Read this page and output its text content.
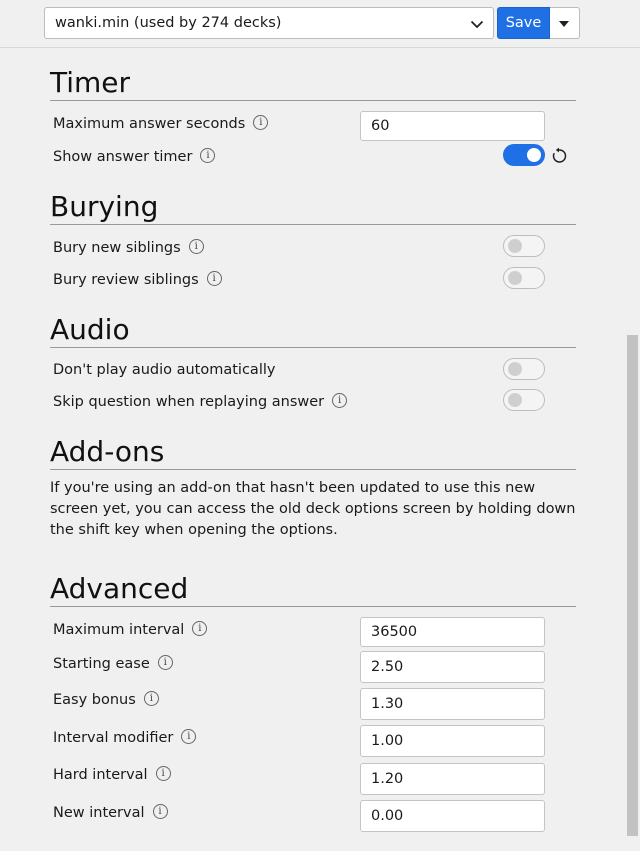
Timer
Maximum answer seconds i	60
Show answer timer i
Burying
Bury new siblings i
Bury review siblings i
Audio
Don't play audio automatically
Skip question when replaying answer i
Add-ons

If you're using an add-on that hasn't been updated to use this new screen yet, you can access the old deck options screen by holding down the shift key when opening the options.

Advanced
Maximum interval i	36500
Starting ease i	2.50
Easy bonus i	1.30
Interval modifier i	1.00
Hard interval i	1.20
New interval i	0.00
wanki.min (used by 274 decks)	Save
